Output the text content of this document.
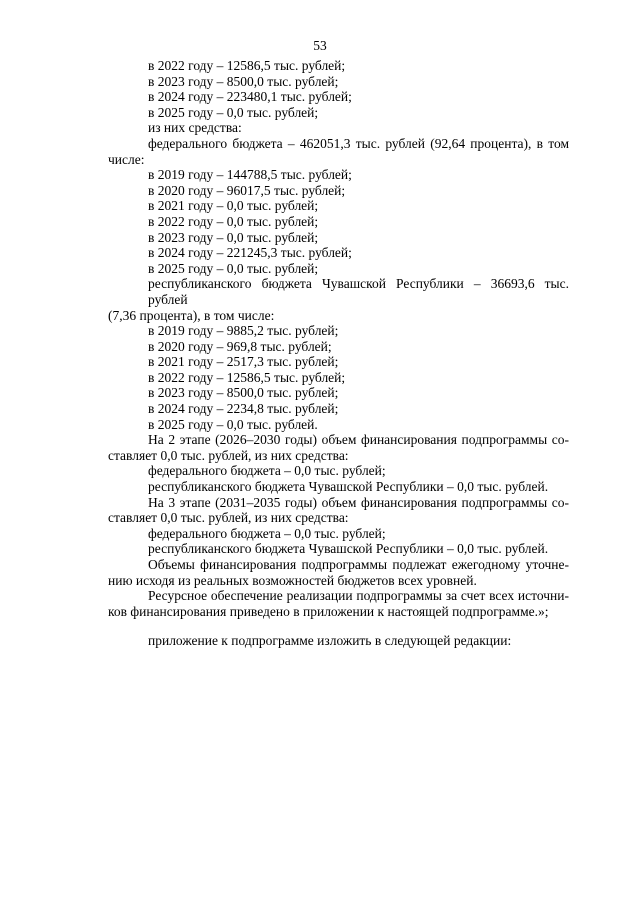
53
в 2022 году – 12586,5 тыс. рублей;
в 2023 году – 8500,0 тыс. рублей;
в 2024 году – 223480,1 тыс. рублей;
в 2025 году – 0,0 тыс. рублей;
из них средства:
федерального бюджета – 462051,3 тыс. рублей (92,64 процента), в том
числе:
в 2019 году – 144788,5 тыс. рублей;
в 2020 году – 96017,5 тыс. рублей;
в 2021 году – 0,0 тыс. рублей;
в 2022 году – 0,0 тыс. рублей;
в 2023 году – 0,0 тыс. рублей;
в 2024 году – 221245,3 тыс. рублей;
в 2025 году – 0,0 тыс. рублей;
республиканского бюджета Чувашской Республики – 36693,6 тыс. рублей
(7,36 процента), в том числе:
в 2019 году – 9885,2 тыс. рублей;
в 2020 году – 969,8 тыс. рублей;
в 2021 году – 2517,3 тыс. рублей;
в 2022 году – 12586,5 тыс. рублей;
в 2023 году – 8500,0 тыс. рублей;
в 2024 году – 2234,8 тыс. рублей;
в 2025 году – 0,0 тыс. рублей.
На 2 этапе (2026–2030 годы) объем финансирования подпрограммы со-
ставляет 0,0 тыс. рублей, из них средства:
федерального бюджета – 0,0 тыс. рублей;
республиканского бюджета Чувашской Республики – 0,0 тыс. рублей.
На 3 этапе (2031–2035 годы) объем финансирования подпрограммы со-
ставляет 0,0 тыс. рублей, из них средства:
федерального бюджета – 0,0 тыс. рублей;
республиканского бюджета Чувашской Республики – 0,0 тыс. рублей.
Объемы финансирования подпрограммы подлежат ежегодному уточне-
нию исходя из реальных возможностей бюджетов всех уровней.
Ресурсное обеспечение реализации подпрограммы за счет всех источни-
ков финансирования приведено в приложении к настоящей подпрограмме.»;
приложение к подпрограмме изложить в следующей редакции:
